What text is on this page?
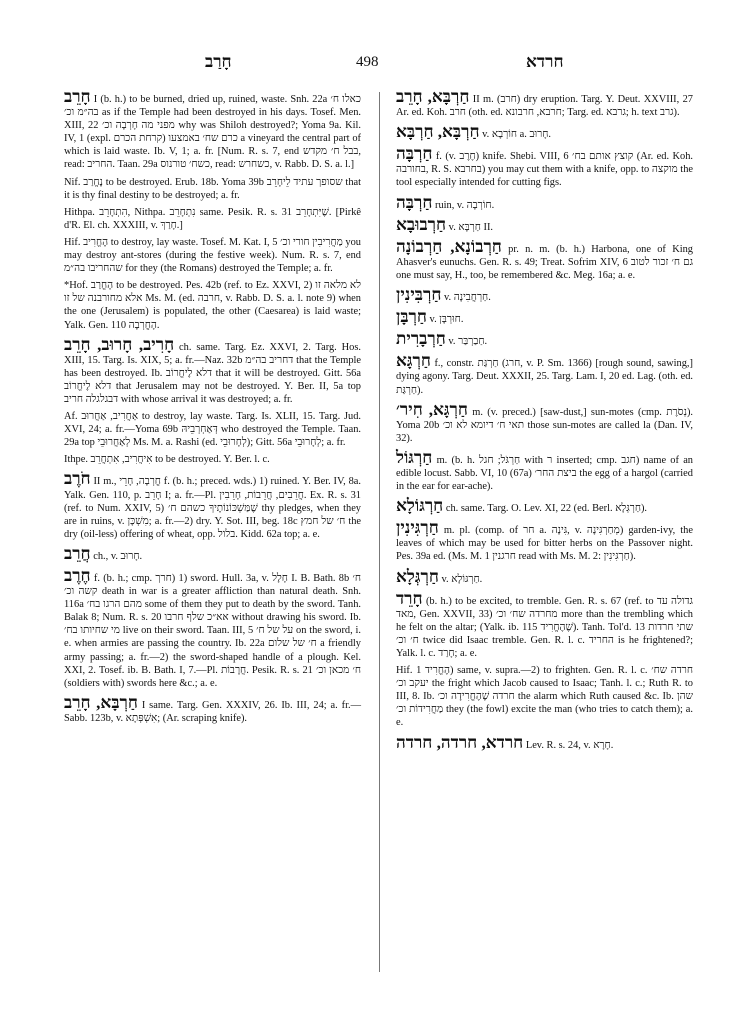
חָרַב	498	חרדא

חָרֵב I (b. h.) to be burned, dried up, ruined, waste. Snh. 22a כאלו ח׳ בה״מ וכ׳ as if the Temple had been destroyed in his days. Tosef. Men. XIII, 22 מפני מה חָרְבָה וכ׳ why was Shiloh destroyed?; Yoma 9a. Kil. IV, 1 (expl. כרם שח׳ באמצעו (קרחת הכרם a vineyard the central part of which is laid waste. Ib. V, 1; a. fr. [Num. R. s. 7, end בבל ח׳ מקדש, read: החריב. Taan. 29a כשח׳ טורנוס, read: כשחרש, v. Rabb. D. S. a. l.]

Nif. נֶחֱרַב to be destroyed. Erub. 18b. Yoma 39b שסופך עתיד לֵיחָרֵב that it is thy final destiny to be destroyed; a. fr.

Hithpa. הִתְחָרֵב, Nithpa. נִתְחָרֵב same. Pesik. R. s. 31 שֶׁיִּתְחָרֵב. [Pirkê d'R. El. ch. XXXIII, v. חָרַךְ.]

Hif. הֶחֱרִיב to destroy, lay waste. Tosef. M. Kat. I, 5 מַחֲרִיבִין חורי וכ׳ you may destroy ant-stores (during the festive week). Num. R. s. 7, end שהחריבו בה״מ for they (the Romans) destroyed the Temple; a. fr.

*Hof. הָחֳרַב to be destroyed. Pes. 42b (ref. to Ez. XXVI, 2) לא מלאה זו אלא מחורבנה של זו Ms. M. (ed. חרבה, v. Rabb. D. S. a. l. note 9) when the one (Jerusalem) is populated, the other (Caesarea) is laid waste; Yalk. Gen. 110 הָחֳרְבָה.

חָרִיב, חָרוּב, חָרֵב ch. same. Targ. Ez. XXVI, 2. Targ. Hos. XIII, 15. Targ. Is. XIX, 5; a. fr.—Naz. 32b דחריב בה״מ that the Temple has been destroyed. Ib. דלא לֶיחֱרוֹב that it will be destroyed. Gitt. 56a דלא לֶיחֱרוֹב that Jerusalem may not be destroyed. Y. Ber. II, 5a top דבגלגלה חריב with whose arrival it was destroyed; a. fr.

Af. אַחֲרִיב, אַחֲרוּב to destroy, lay waste. Targ. Is. XLII, 15. Targ. Jud. XVI, 24; a. fr.—Yoma 69b דְּאַחְרְבֵיהּ who destroyed the Temple. Taan. 29a top לְאַחֲרוּבֵי Ms. M. a. Rashi (ed. לְחָרוּבֵי); Gitt. 56a לְחָרוּבֵי; a. fr.

Ithpe. אִיחֲרִיב, אִתְחֲרֵב to be destroyed. Y. Ber. l. c.

חֹרֶב II m., חֳרְבָה, חָרֵי f. (b. h.; preced. wds.) 1) ruined. Y. Ber. IV, 8a. Yalk. Gen. 110, p. חָרֵב I; a. fr.—Pl. חֲרֵבִים, חֲרֵבוֹת, חָרֵבִין. Ex. R. s. 31 (ref. to Num. XXIV, 5) שֶׁמַּשְׁכּוֹנוֹתֶיךָ כשהם ח׳ thy pledges, when they are in ruins, v. מִשְׁכָּן; a. fr.—2) dry. Y. Sot. III, beg. 18c ח׳ של חמץ the dry (oil-less) offering of wheat, opp. בלול. Kidd. 62a top; a. e.

חֲרֵב ch., v. חָרוּב.

חֶרֶב f. (b. h.; cmp. חרך) 1) sword. Hull. 3a, v. חָלָל I. B. Bath. 8b ח׳ קשה וכ׳ death in war is a greater affliction than natural death. Snh. 116a מהם הרגו בח׳ some of them they put to death by the sword. Tanh. Balak 8; Num. R. s. 20 אא״כ שלף חרבו without drawing his sword. Ib. מי שחיותו בח׳ live on their sword. Taan. III, 5 על של ח׳ on the sword, i. e. when armies are passing the country. Ib. 22a ח׳ של שלום a friendly army passing; a. fr.—2) the sword-shaped handle of a plough. Kel. XXI, 2. Tosef. ib. B. Bath. I, 7.—Pl. חֲרָבוֹת. Pesik. R. s. 21 ח׳ מכאן וכ׳ (soldiers with) swords here &c.; a. e.

חַרְבָּא, חָרֵב I same. Targ. Gen. XXXIV, 26. Ib. III, 24; a. fr.—Sabb. 123b, v. אִשְׁפְּתָא; (Ar. scraping knife).

חַרְבָּא, חָרֵב II m. (חרב) dry eruption. Targ. Y. Deut. XXVIII, 27 Ar. ed. Koh. חרב (oth. ed. חרבא, חרבונא; Targ. ed. גרבא; h. text גרב).

חַרְבָּא, חַרְבָּא v. חוֹרְבָא a. חָרוּב.

חַרְבָּה f. (v. חֶרֶב) knife. Shebi. VIII, 6 קוצץ אותם בח׳ (Ar. ed. Koh. בחורבה, R. S. בחרבא) you may cut them with a knife, opp. to מוקצה the tool especially intended for cutting figs.

חַרְבָּה ruin, v. חוֹרְבָה.

חַרְבוּבָא v. חַרְבָּא II.

חַרְבוֹנָא, חַרְבוֹנָה pr. n. m. (b. h.) Harbona, one of King Ahasver's eunuchs. Gen. R. s. 49; Treat. Sofrim XIV, 6 גם ח׳ זכור לטוב one must say, H., too, be remembered &c. Meg. 16a; a. e.

חַרְבִּינִין v. חַרְחֲבִינָה.

חַרְבָּן v. חוּרְבָּן.

חַרְבָרִית v. חַבַרְבַּר.

חַרְגָּא f., constr. חַרְגַּת (חרג, v. P. Sm. 1366) [rough sound, sawing,] dying agony. Targ. Deut. XXXII, 25. Targ. Lam. I, 20 ed. Lag. (oth. ed. חַרְגַּת).

חַרְגָּא, חִיר׳ m. (v. preced.) [saw-dust,] sun-motes (cmp. נְסֹרֶת). Yoma 20b תאי ח׳ דיומא לא וכ׳ those sun-motes are called la (Dan. IV, 32).

חַרְגּוֹל m. (b. h. חַרְגֹּל; חגל with ר inserted; cmp. חגב) name of an edible locust. Sabb. VI, 10 (67a) ביצת החר׳ the egg of a hargol (carried in the ear for ear-ache).

חַרְגּוֹלָא ch. same. Targ. O. Lev. XI, 22 (ed. Berl. חַרְגְּלָא).

חַרְגִּינִין m. pl. (comp. of חר a. גִּינָה, v. מְחַרְגִּינָה) garden-ivy, the leaves of which may be used for bitter herbs on the Passover night. Pes. 39a ed. (Ms. M. 1 חרגנין read with Ms. M. 2: חַרְגִּינִין).

חַרְגְּלָא v. חַרְגּוֹלָא.

חָרֵד (b. h.) to be excited, to tremble. Gen. R. s. 67 (ref. to גדולה עד מאד, Gen. XXVII, 33) מחרדה שח׳ וכ׳ more than the trembling which he felt on the altar; (Yalk. ib. 115 שֶׁהֶחֱרִיד). Tanh. Tol'd. 13 שתי חרדות ח׳ וכ׳ twice did Isaac tremble. Gen. R. l. c. החריד is he frightened?; Yalk. l. c. חָרַד; a. e.

Hif. הֶחֱרִיד 1) same, v. supra.—2) to frighten. Gen. R. l. c. חרדה שח׳ יעקב וכ׳ the fright which Jacob caused to Isaac; Tanh. l. c.; Ruth R. to III, 8. Ib. חרדה שֶׁהֶחֱרִידָה וכ׳ the alarm which Ruth caused &c. Ib. שהן מַחֲרִידוֹת וכ׳ they (the fowl) excite the man (who tries to catch them); a. e.

חרדא, חרדה, חרדה Lev. R. s. 24, v. חָרָא.
